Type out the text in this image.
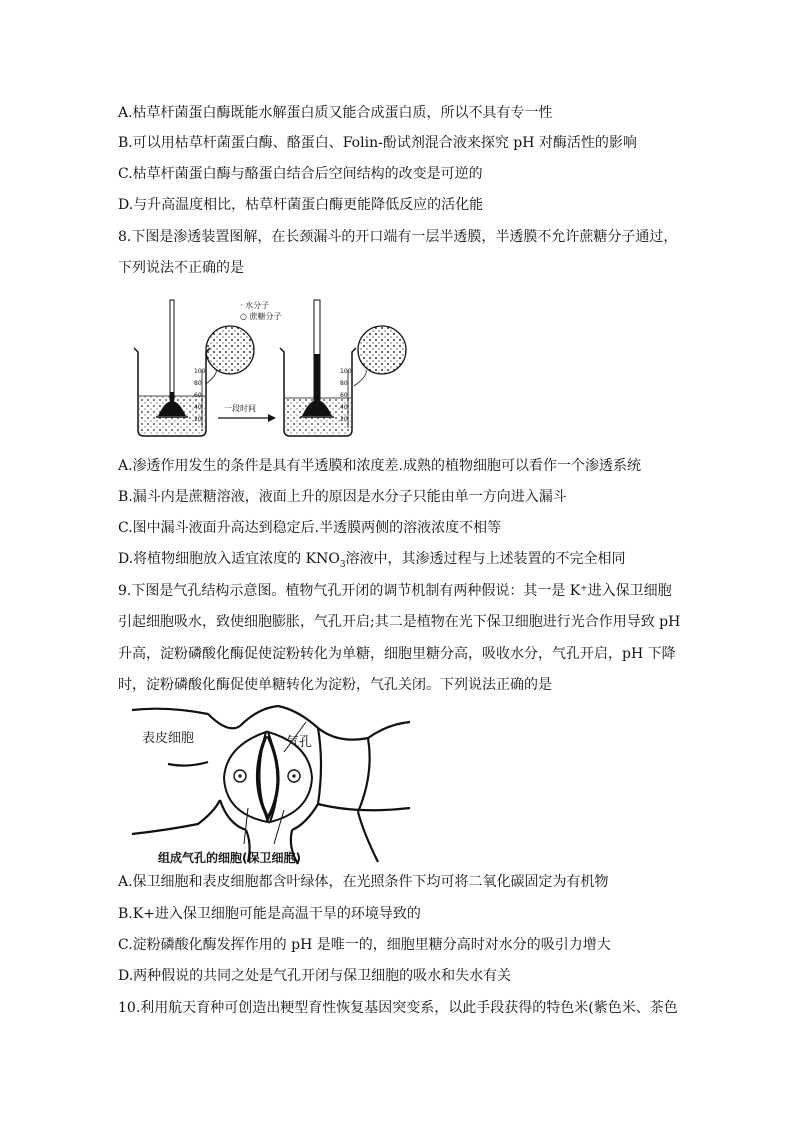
A.枯草杆菌蛋白酶既能水解蛋白质又能合成蛋白质，所以不具有专一性
B.可以用枯草杆菌蛋白酶、酪蛋白、Folin-酚试剂混合液来探究 pH 对酶活性的影响
C.枯草杆菌蛋白酶与酪蛋白结合后空间结构的改变是可逆的
D.与升高温度相比，枯草杆菌蛋白酶更能降低反应的活化能
8.下图是渗透装置图解，在长颈漏斗的开口端有一层半透膜，半透膜不允许蔗糖分子通过，
下列说法不正确的是
100
80
60
40
20
· 水分子
○ 蔗糖分子
一段时间
100
80
60
40
20
A.渗透作用发生的条件是具有半透膜和浓度差.成熟的植物细胞可以看作一个渗透系统
B.漏斗内是蔗糖溶液，液面上升的原因是水分子只能由单一方向进入漏斗
C.图中漏斗液面升高达到稳定后.半透膜两侧的溶液浓度不相等
D.将植物细胞放入适宜浓度的 $KNO_3$溶液中，其渗透过程与上述装置的不完全相同
9.下图是气孔结构示意图。植物气孔开闭的调节机制有两种假说：其一是 K⁺进入保卫细胞
引起细胞吸水，致使细胞膨胀，气孔开启;其二是植物在光下保卫细胞进行光合作用导致 pH
升高，淀粉磷酸化酶促使淀粉转化为单糖，细胞里糖分高，吸收水分，气孔开启，pH 下降
时，淀粉磷酸化酶促使单糖转化为淀粉，气孔关闭。下列说法正确的是
表皮细胞	气孔
组成气孔的细胞(保卫细胞)
A.保卫细胞和表皮细胞都含叶绿体，在光照条件下均可将二氧化碳固定为有机物
B.K+进入保卫细胞可能是高温干旱的环境导致的
C.淀粉磷酸化酶发挥作用的 pH 是唯一的，细胞里糖分高时对水分的吸引力增大
D.两种假说的共同之处是气孔开闭与保卫细胞的吸水和失水有关
10.利用航天育种可创造出粳型育性恢复基因突变系，以此手段获得的特色米(紫色米、茶色
